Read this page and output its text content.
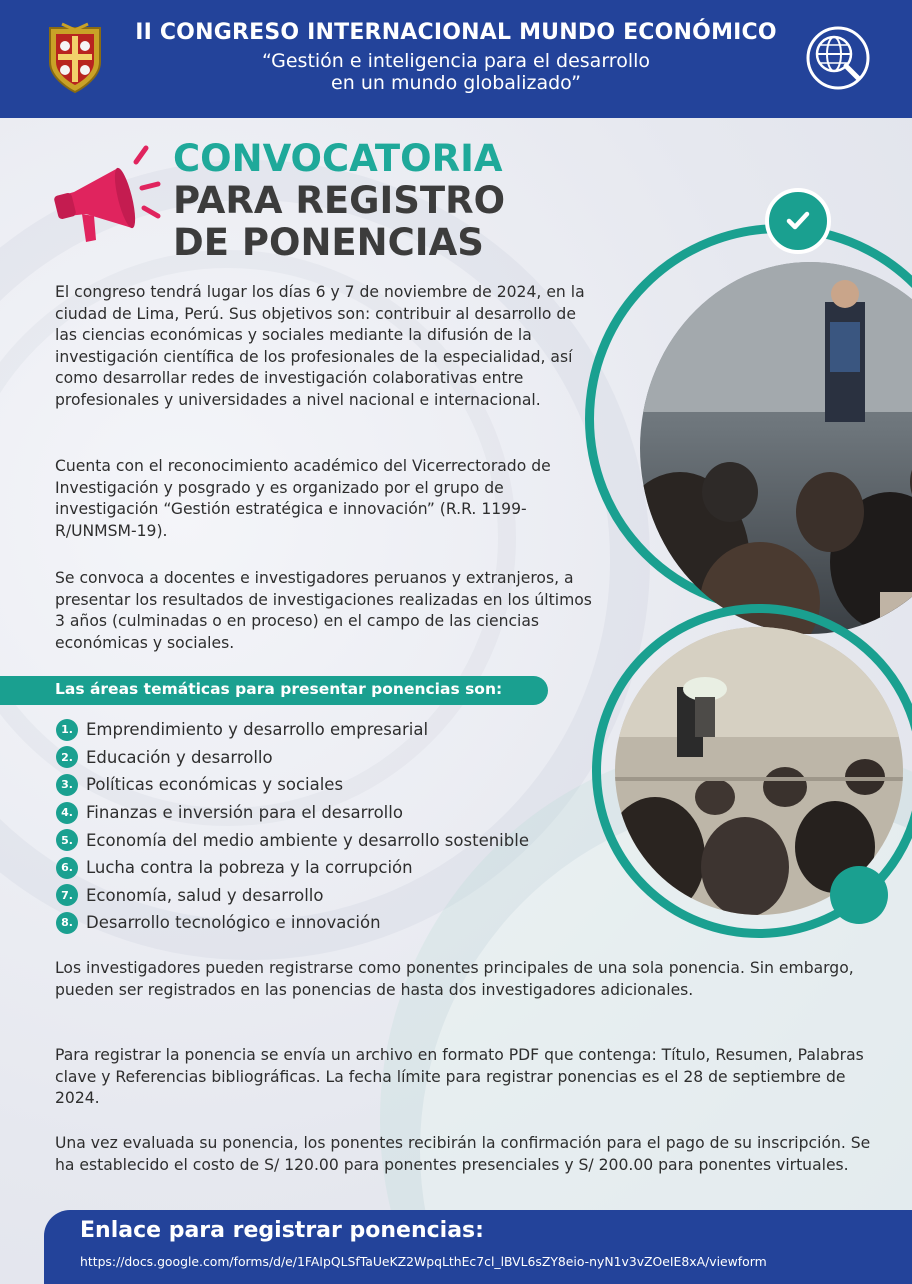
II CONGRESO INTERNACIONAL MUNDO ECONÓMICO
“Gestión e inteligencia para el desarrollo
en un mundo globalizado”
CONVOCATORIA
PARA REGISTRO
DE PONENCIAS
El congreso tendrá lugar los días 6 y 7 de noviembre de 2024, en la ciudad de Lima, Perú. Sus objetivos son: contribuir al desarrollo de las ciencias económicas y sociales mediante la difusión de la investigación científica de los profesionales de la especialidad, así como desarrollar redes de investigación colaborativas entre profesionales y universidades a nivel nacional e internacional.
Cuenta con el reconocimiento académico del Vicerrectorado de Investigación y posgrado y es organizado por el grupo de investigación “Gestión estratégica e innovación” (R.R. 1199-R/UNMSM-19).
Se convoca a docentes e investigadores peruanos y extranjeros, a presentar los resultados de investigaciones realizadas en los últimos 3 años (culminadas o en proceso) en el campo de las ciencias económicas y sociales.
Las áreas temáticas para presentar ponencias son:
1. Emprendimiento y desarrollo empresarial
2. Educación y desarrollo
3. Políticas económicas y sociales
4. Finanzas e inversión para el desarrollo
5. Economía del medio ambiente y desarrollo sostenible
6. Lucha contra la pobreza y la corrupción
7. Economía, salud y desarrollo
8. Desarrollo tecnológico e innovación
Los investigadores pueden registrarse como ponentes principales de una sola ponencia. Sin embargo, pueden ser registrados en las ponencias de hasta dos investigadores adicionales.
Para registrar la ponencia se envía un archivo en formato PDF que contenga: Título, Resumen, Palabras clave y Referencias bibliográficas. La fecha límite para registrar ponencias es el 28 de septiembre de 2024.
Una vez evaluada su ponencia, los ponentes recibirán la confirmación para el pago de su inscripción. Se ha establecido el costo de S/ 120.00 para ponentes presenciales y S/ 200.00 para ponentes virtuales.
Enlace para registrar ponencias:
https://docs.google.com/forms/d/e/1FAIpQLSfTaUeKZ2WpqLthEc7cl_lBVL6sZY8eio-nyN1v3vZOeIE8xA/viewform
